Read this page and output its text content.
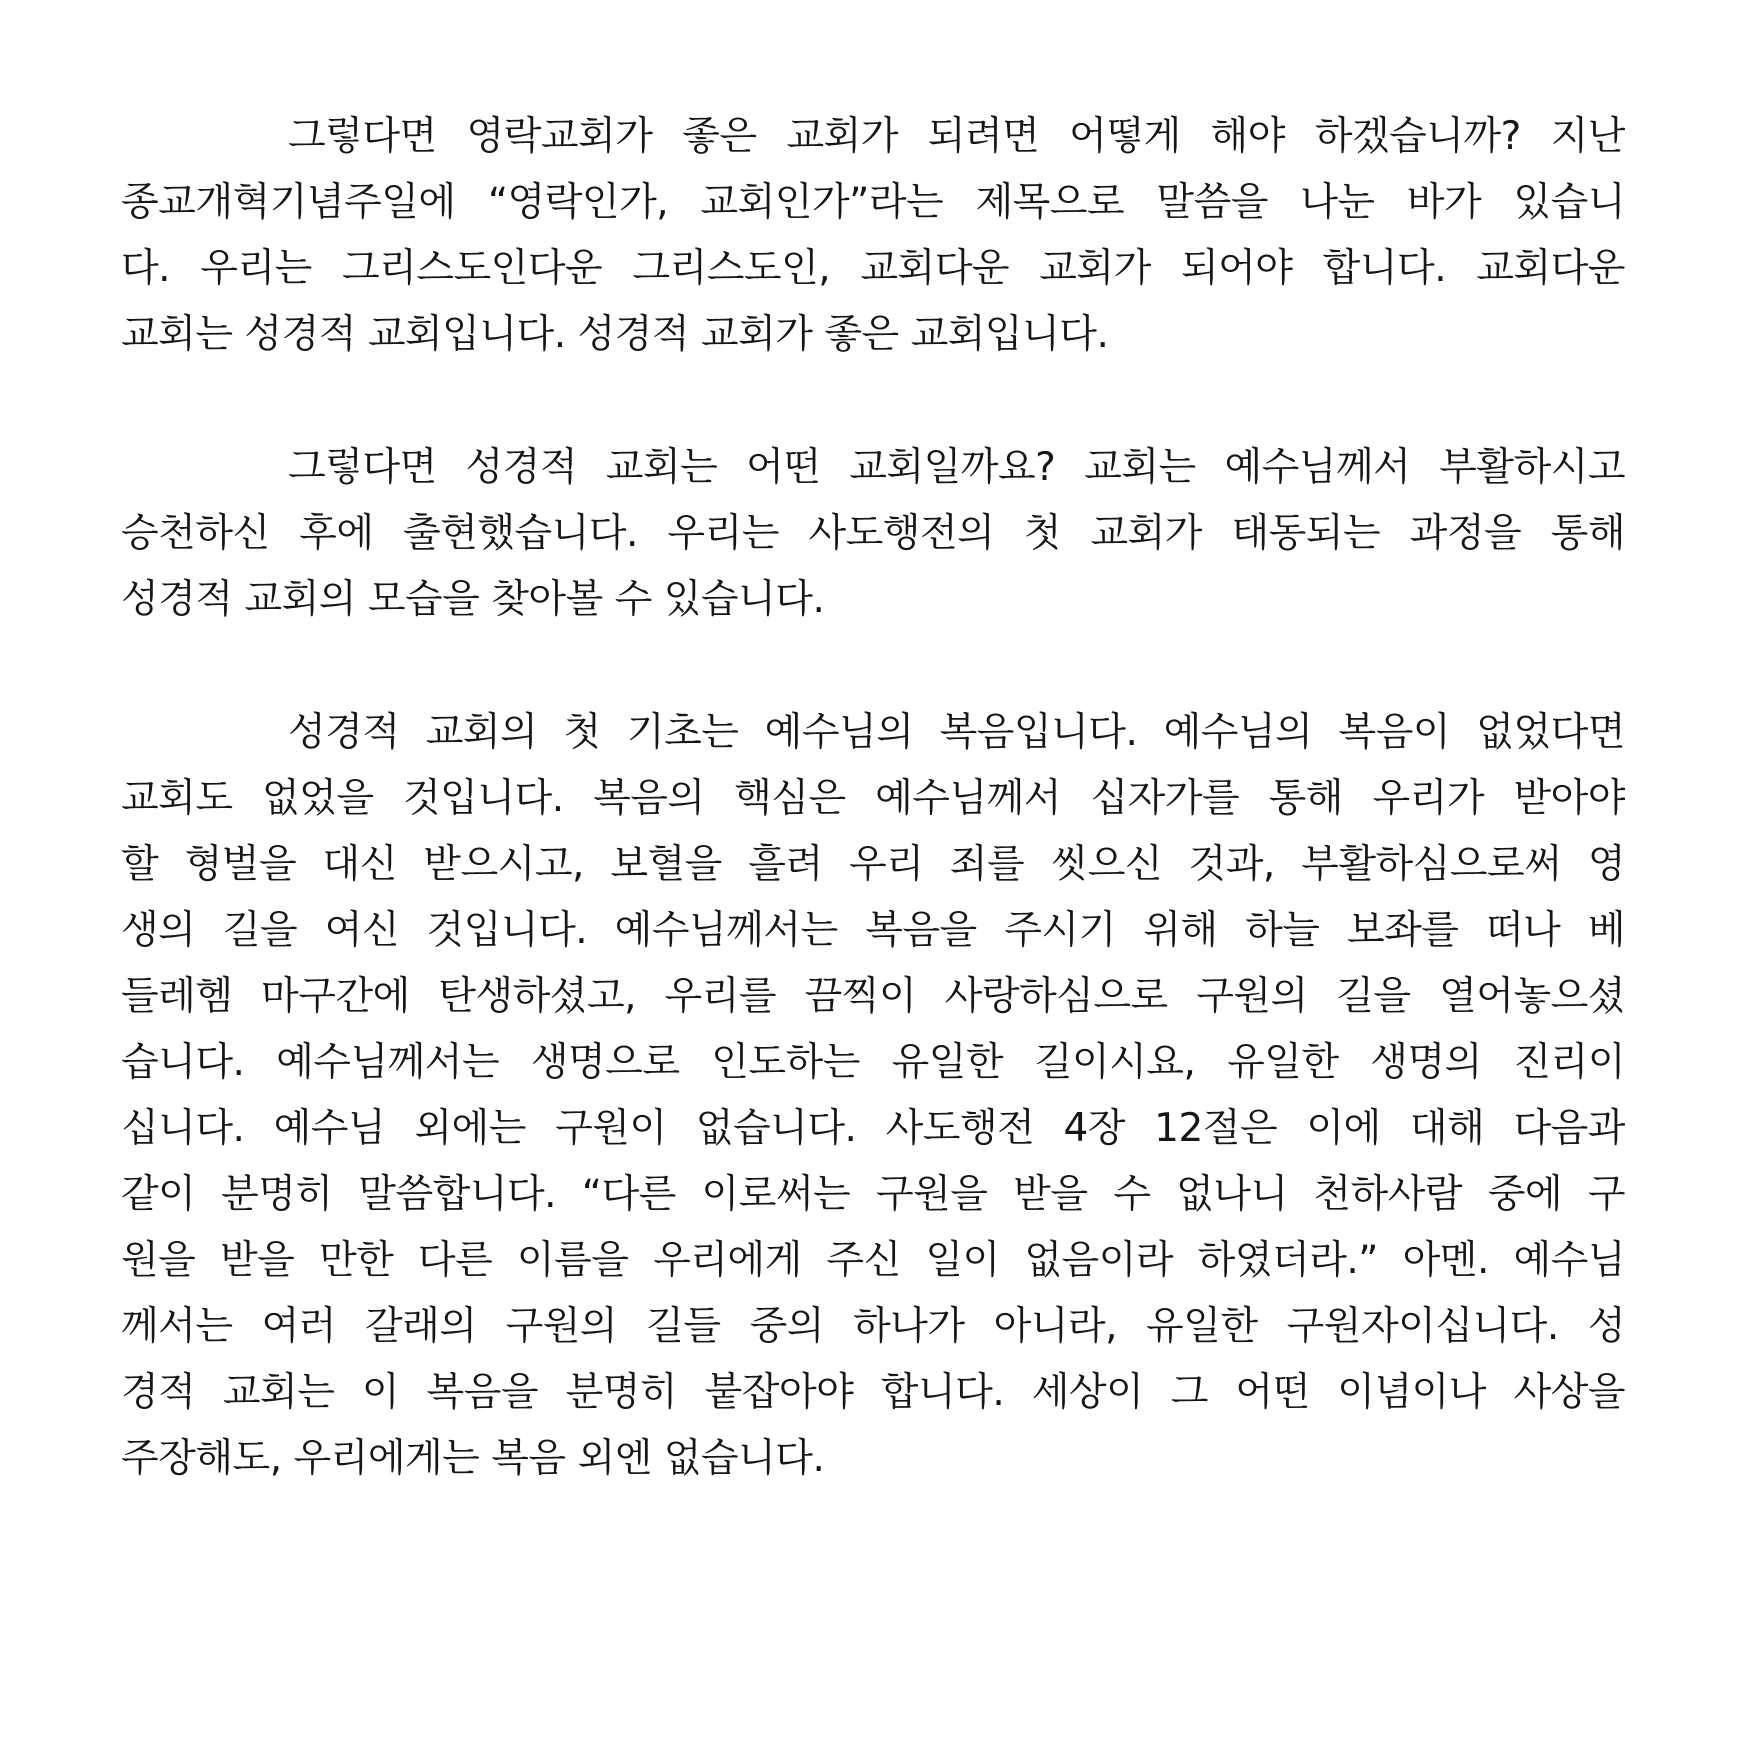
그렇다면 영락교회가 좋은 교회가 되려면 어떻게 해야 하겠습니까? 지난
종교개혁기념주일에 “영락인가, 교회인가”라는 제목으로 말씀을 나눈 바가 있습니
다. 우리는 그리스도인다운 그리스도인, 교회다운 교회가 되어야 합니다. 교회다운
교회는 성경적 교회입니다. 성경적 교회가 좋은 교회입니다.

그렇다면 성경적 교회는 어떤 교회일까요? 교회는 예수님께서 부활하시고
승천하신 후에 출현했습니다. 우리는 사도행전의 첫 교회가 태동되는 과정을 통해
성경적 교회의 모습을 찾아볼 수 있습니다.

성경적 교회의 첫 기초는 예수님의 복음입니다. 예수님의 복음이 없었다면
교회도 없었을 것입니다. 복음의 핵심은 예수님께서 십자가를 통해 우리가 받아야
할 형벌을 대신 받으시고, 보혈을 흘려 우리 죄를 씻으신 것과, 부활하심으로써 영
생의 길을 여신 것입니다. 예수님께서는 복음을 주시기 위해 하늘 보좌를 떠나 베
들레헴 마구간에 탄생하셨고, 우리를 끔찍이 사랑하심으로 구원의 길을 열어놓으셨
습니다. 예수님께서는 생명으로 인도하는 유일한 길이시요, 유일한 생명의 진리이
십니다. 예수님 외에는 구원이 없습니다. 사도행전 4장 12절은 이에 대해 다음과
같이 분명히 말씀합니다. “다른 이로써는 구원을 받을 수 없나니 천하사람 중에 구
원을 받을 만한 다른 이름을 우리에게 주신 일이 없음이라 하였더라.” 아멘. 예수님
께서는 여러 갈래의 구원의 길들 중의 하나가 아니라, 유일한 구원자이십니다. 성
경적 교회는 이 복음을 분명히 붙잡아야 합니다. 세상이 그 어떤 이념이나 사상을
주장해도, 우리에게는 복음 외엔 없습니다.
